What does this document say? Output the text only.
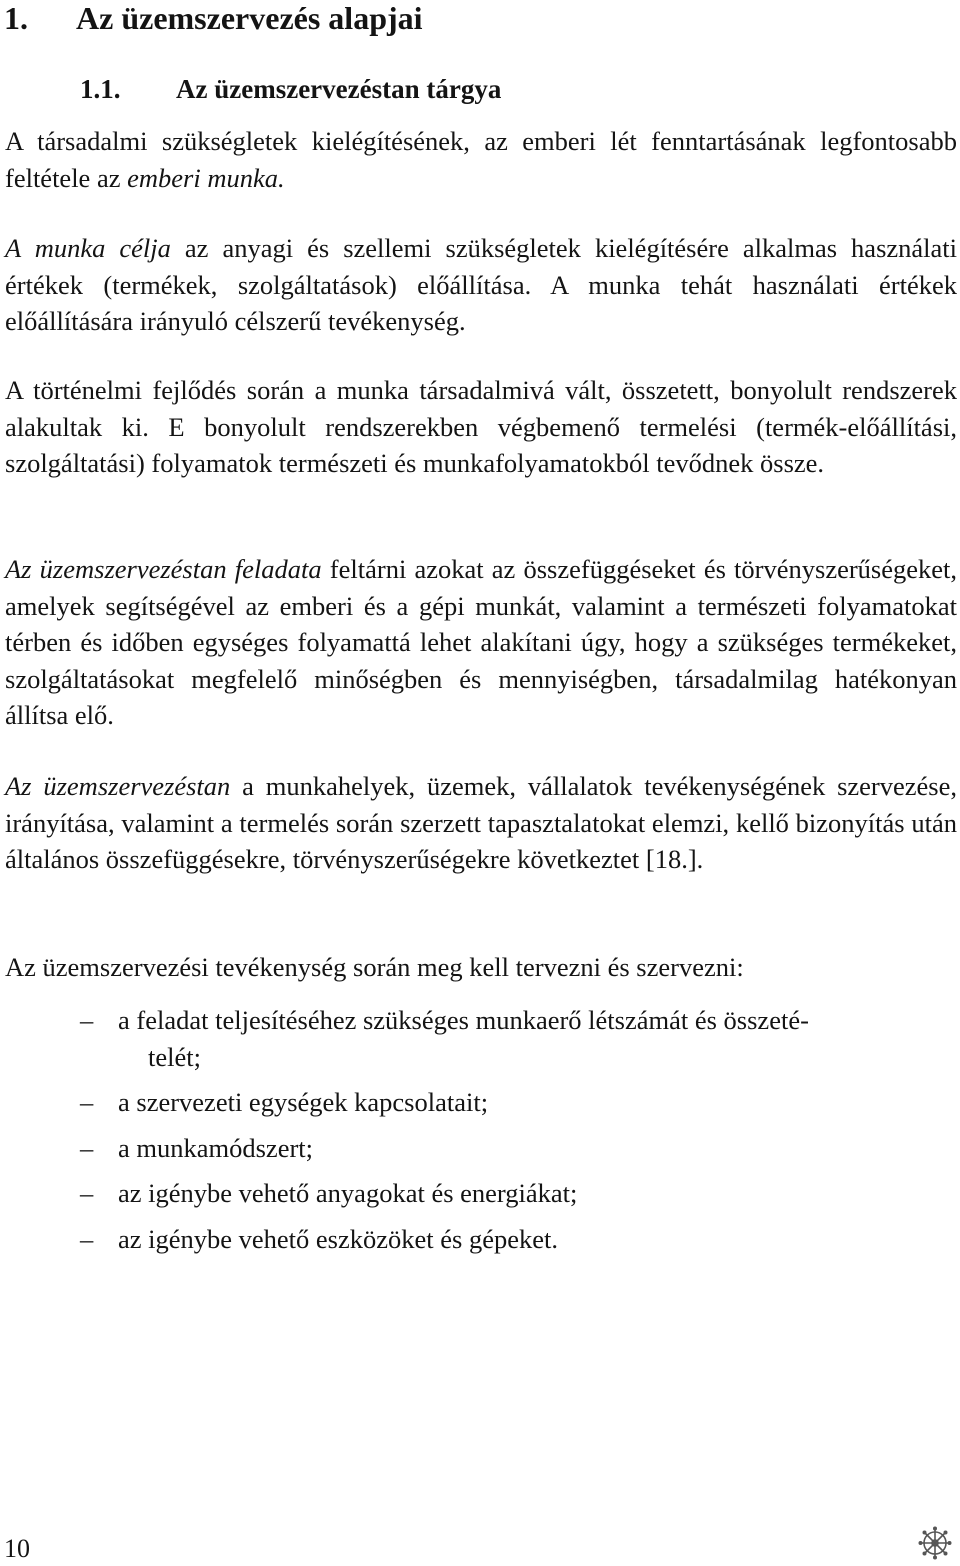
1. Az üzemszervezés alapjai
1.1. Az üzemszervezéstan tárgya
A társadalmi szükségletek kielégítésének, az emberi lét fenntartásának legfontosabb feltétele az emberi munka.
A munka célja az anyagi és szellemi szükségletek kielégítésére alkalmas használati értékek (termékek, szolgáltatások) előállítása. A munka tehát használati értékek előállítására irányuló célszerű tevékenység.
A történelmi fejlődés során a munka társadalmivá vált, összetett, bonyolult rendszerek alakultak ki. E bonyolult rendszerekben végbemenő termelési (termék-előállítási, szolgáltatási) folyamatok természeti és munkafolyamatokból tevődnek össze.
Az üzemszervezéstan feladata feltárni azokat az összefüggéseket és törvényszerűségeket, amelyek segítségével az emberi és a gépi munkát, valamint a természeti folyamatokat térben és időben egységes folyamattá lehet alakítani úgy, hogy a szükséges termékeket, szolgáltatásokat megfelelő minőségben és mennyiségben, társadalmilag hatékonyan állítsa elő.
Az üzemszervezéstan a munkahelyek, üzemek, vállalatok tevékenységének szervezése, irányítása, valamint a termelés során szerzett tapasztalatokat elemzi, kellő bizonyítás után általános összefüggésekre, törvényszerűségekre következtet [18.].
Az üzemszervezési tevékenység során meg kell tervezni és szervezni:
– a feladat teljesítéséhez szükséges munkaerő létszámát és összeté-
telét;
– a szervezeti egységek kapcsolatait;
– a munkamódszert;
– az igénybe vehető anyagokat és energiákat;
– az igénybe vehető eszközöket és gépeket.
10
